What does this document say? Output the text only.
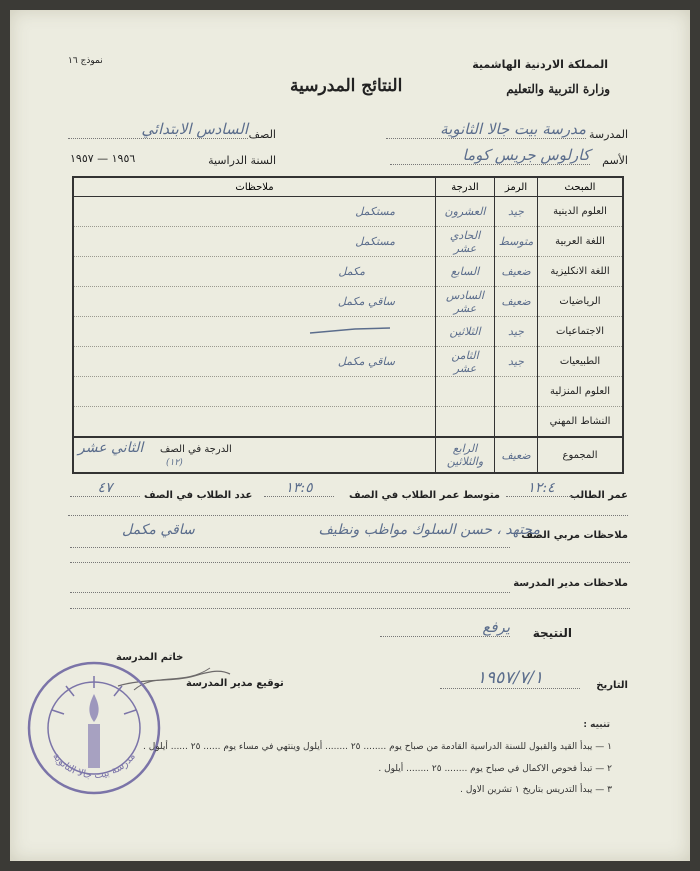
نموذج ١٦	المملكة الاردنية الهاشمية
وزارة التربية والتعليم
النتائج المدرسية
المدرسة
مدرسة بيت جالا الثانوية
الصف
السادس الابتدائي
الأسم
كارلوس جريس كوما
السنة الدراسية
١٩٥٦ — ١٩٥٧
المبحث	الرمز	الدرجة	ملاحظات
العلوم الدينية	جيد	العشرون	مستكمل
اللغة العربية	متوسط	الحادي عشر	مستكمل
اللغة الانكليزية	ضعيف	السابع	مكمل
الرياضيات	ضعيف	السادس عشر	ساقي مكمل
الاجتماعيات	جيد	الثلاثين	
الطبيعيات	جيد	الثامن عشر	ساقي مكمل
العلوم المنزلية			
النشاط المهني			
المجموع	ضعيف	الرابع والثلاثين	الدرجة في الصف
الثاني عشر
(١٢)
عمر الطالب
١٢:٤
متوسط عمر الطلاب في الصف
١٣:٥
عدد الطلاب في الصف
٤٧
ملاحظات مربي الصف
مجتهد ، حسن السلوك مواظب ونظيف
ساقي مكمل
ملاحظات مدير المدرسة
النتيجة
يرفع
خاتم المدرسة
توقيع مدير المدرسة	التاريخ
١٩٥٧/٧/١
مدرسة بيت جالا الثانوية
تنبيه :
١ — يبدأ القيد والقبول للسنة الدراسية القادمة من صباح يوم ........ ٢٥ ........ أيلول وينتهي في مساء يوم ...... ٢٥ ...... أيلول .
٢ — تبدأ فحوص الاكمال في صباح يوم ........ ٢٥ ........ أيلول .
٣ — يبدأ التدريس بتاريخ ١ تشرين الاول .
